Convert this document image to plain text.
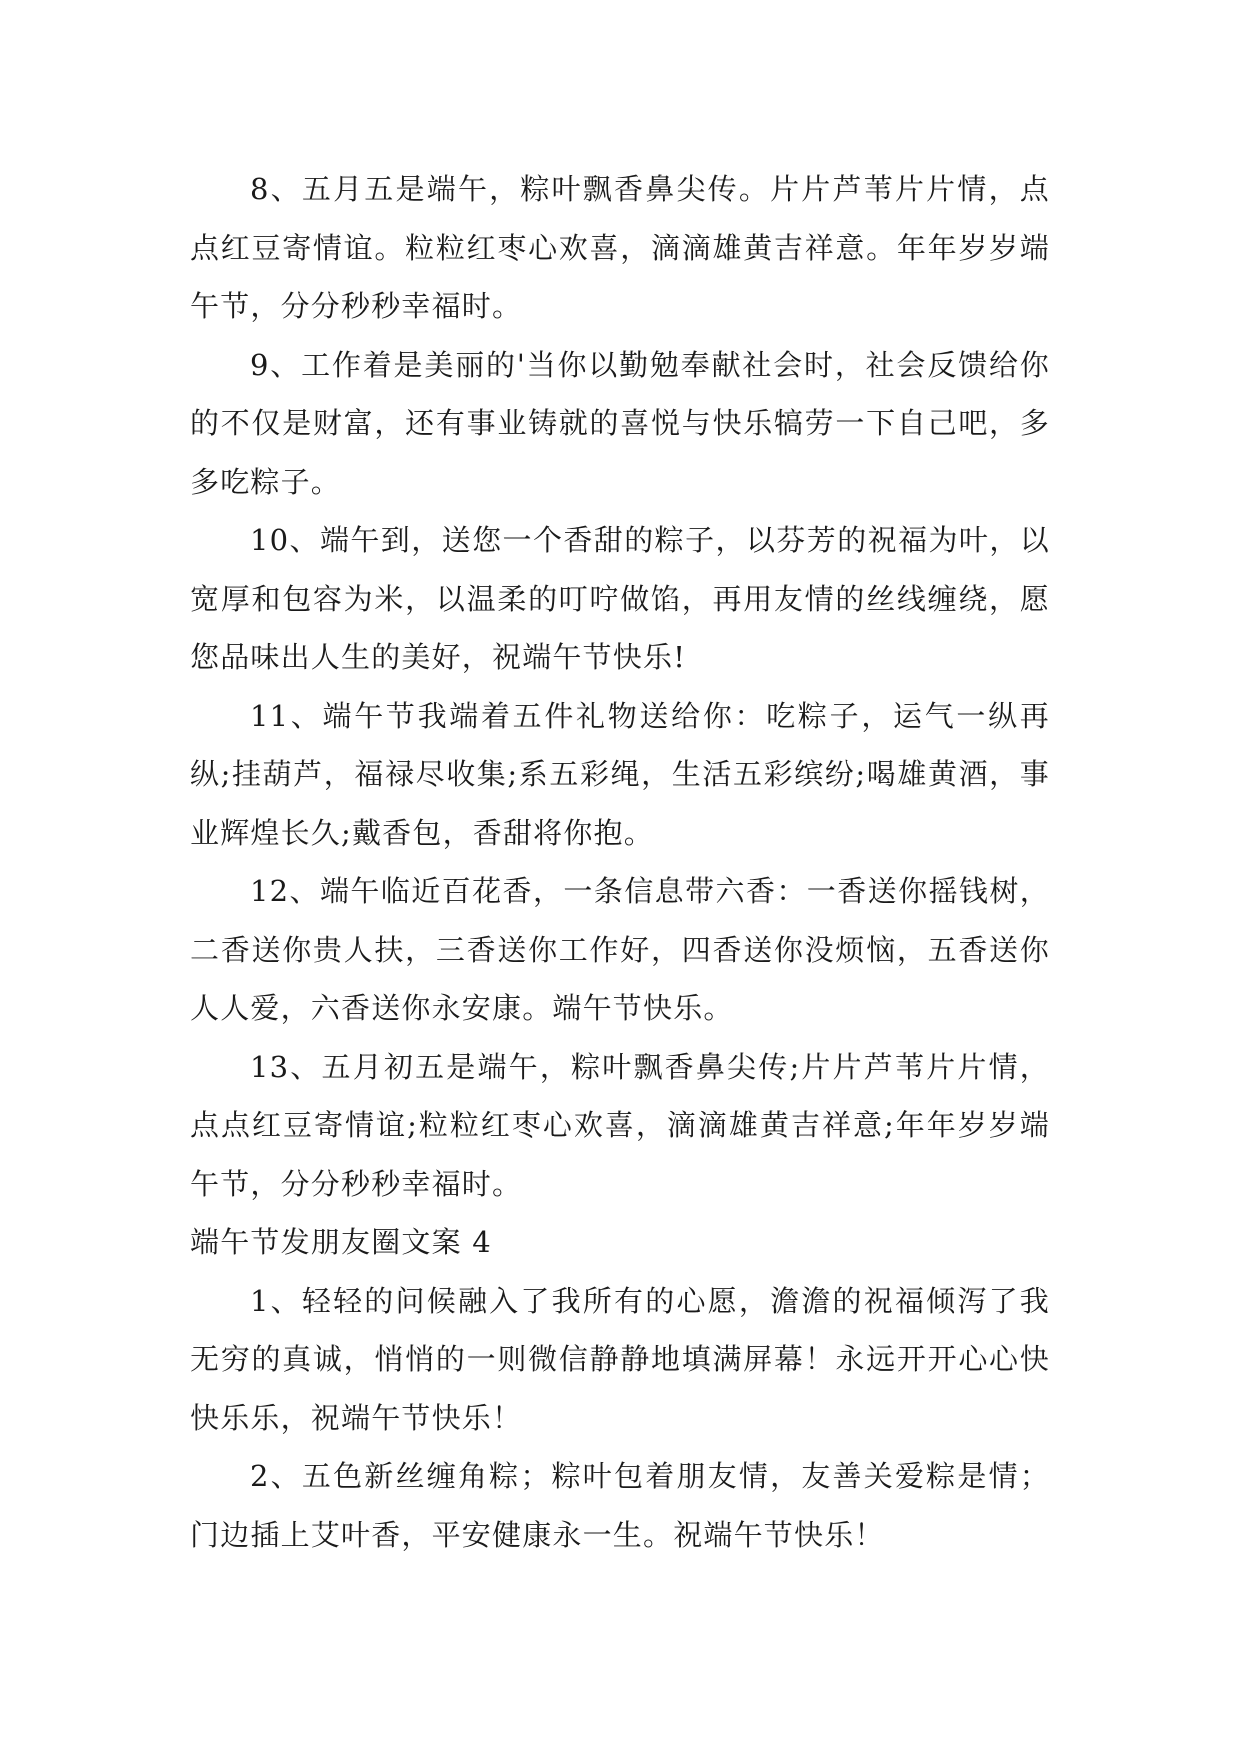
8、五月五是端午，粽叶飘香鼻尖传。片片芦苇片片情，点点红豆寄情谊。粒粒红枣心欢喜，滴滴雄黄吉祥意。年年岁岁端午节，分分秒秒幸福时。

9、工作着是美丽的'当你以勤勉奉献社会时，社会反馈给你的不仅是财富，还有事业铸就的喜悦与快乐犒劳一下自己吧，多多吃粽子。

10、端午到，送您一个香甜的粽子，以芬芳的祝福为叶，以宽厚和包容为米，以温柔的叮咛做馅，再用友情的丝线缠绕，愿您品味出人生的美好，祝端午节快乐!

11、端午节我端着五件礼物送给你：吃粽子，运气一纵再纵;挂葫芦，福禄尽收集;系五彩绳，生活五彩缤纷;喝雄黄酒，事业辉煌长久;戴香包，香甜将你抱。

12、端午临近百花香，一条信息带六香：一香送你摇钱树，二香送你贵人扶，三香送你工作好，四香送你没烦恼，五香送你人人爱，六香送你永安康。端午节快乐。

13、五月初五是端午，粽叶飘香鼻尖传;片片芦苇片片情，点点红豆寄情谊;粒粒红枣心欢喜，滴滴雄黄吉祥意;年年岁岁端午节，分分秒秒幸福时。

端午节发朋友圈文案 4

1、轻轻的问候融入了我所有的心愿，澹澹的祝福倾泻了我无穷的真诚，悄悄的一则微信静静地填满屏幕！永远开开心心快快乐乐，祝端午节快乐！

2、五色新丝缠角粽；粽叶包着朋友情，友善关爱粽是情；门边插上艾叶香，平安健康永一生。祝端午节快乐！
